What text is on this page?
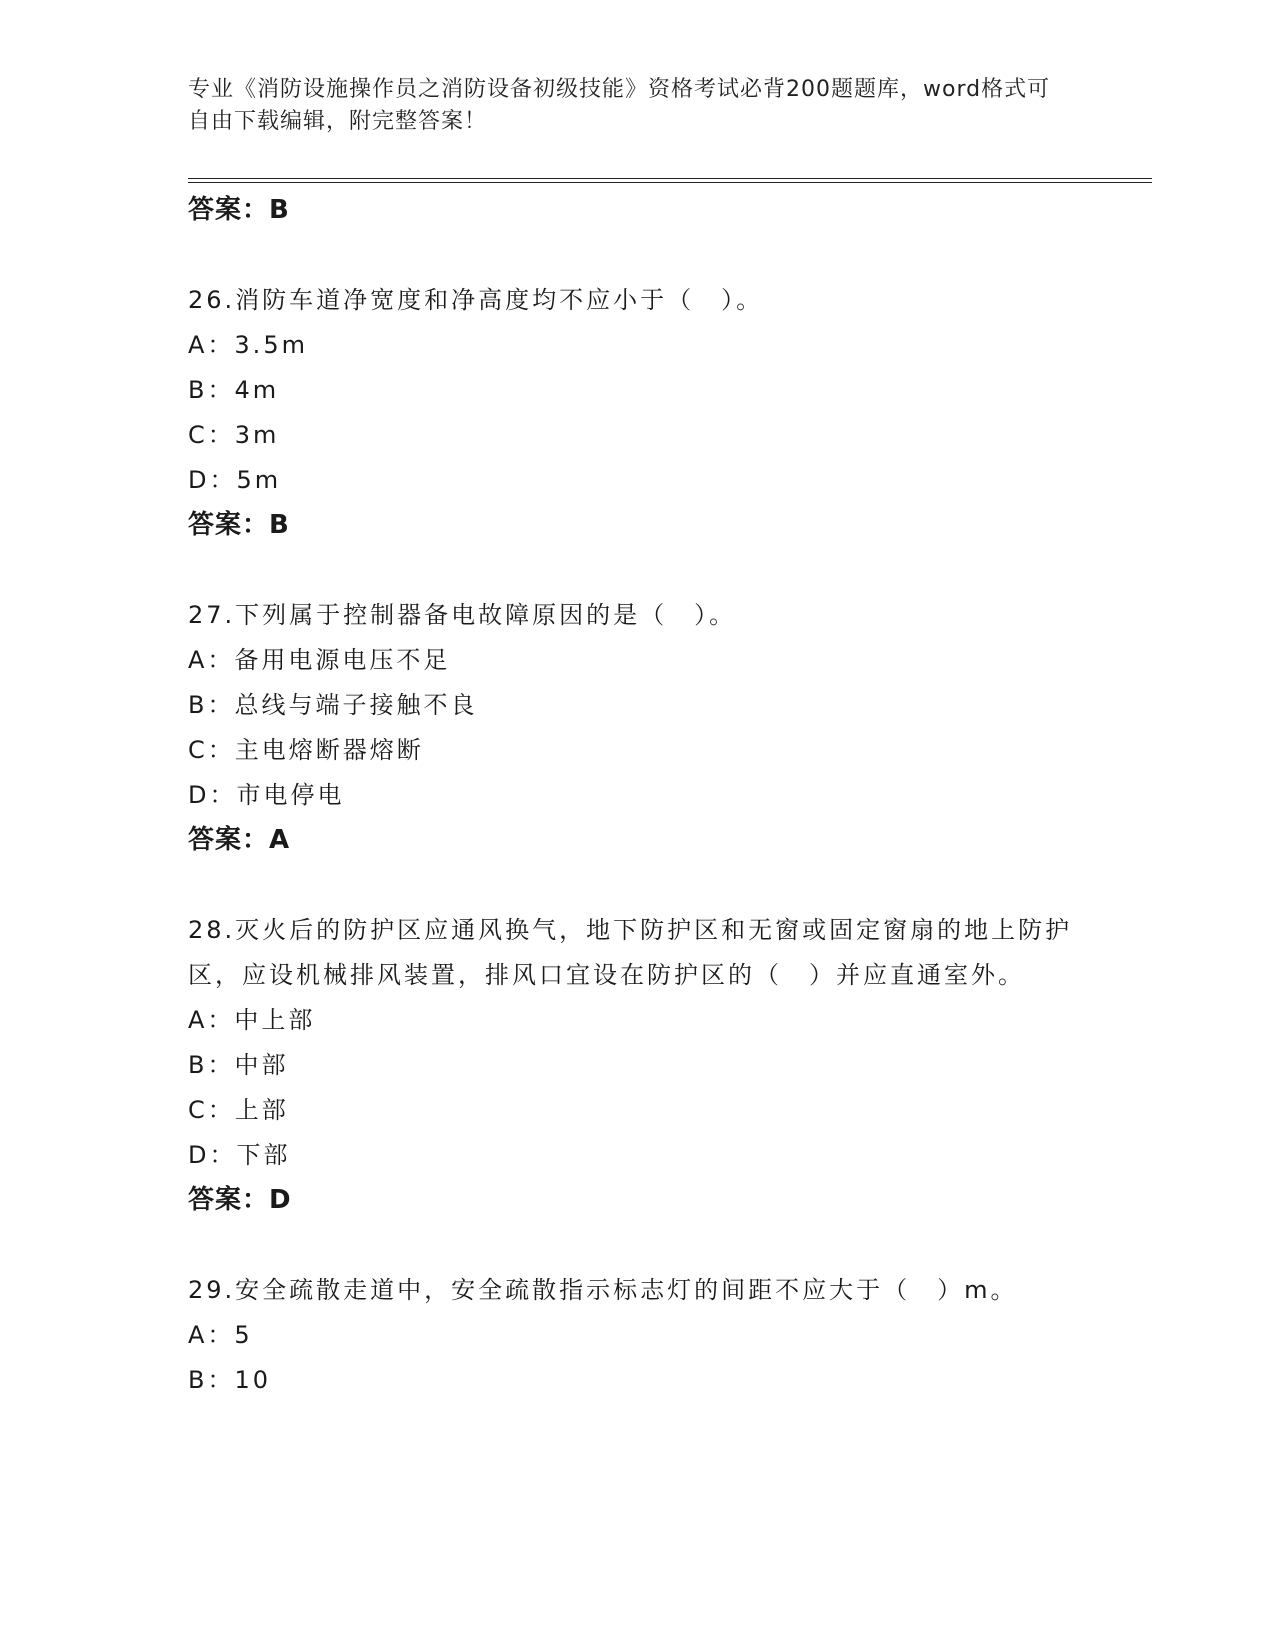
专业《消防设施操作员之消防设备初级技能》资格考试必背200题题库，word格式可自由下载编辑，附完整答案！
答案：B
26.消防车道净宽度和净高度均不应小于（　）。
A：3.5m
B：4m
C：3m
D：5m
答案：B
27.下列属于控制器备电故障原因的是（　）。
A：备用电源电压不足
B：总线与端子接触不良
C：主电熔断器熔断
D：市电停电
答案：A
28.灭火后的防护区应通风换气，地下防护区和无窗或固定窗扇的地上防护区，应设机械排风装置，排风口宜设在防护区的（　）并应直通室外。
A：中上部
B：中部
C：上部
D：下部
答案：D
29.安全疏散走道中，安全疏散指示标志灯的间距不应大于（　）m。
A：5
B：10
